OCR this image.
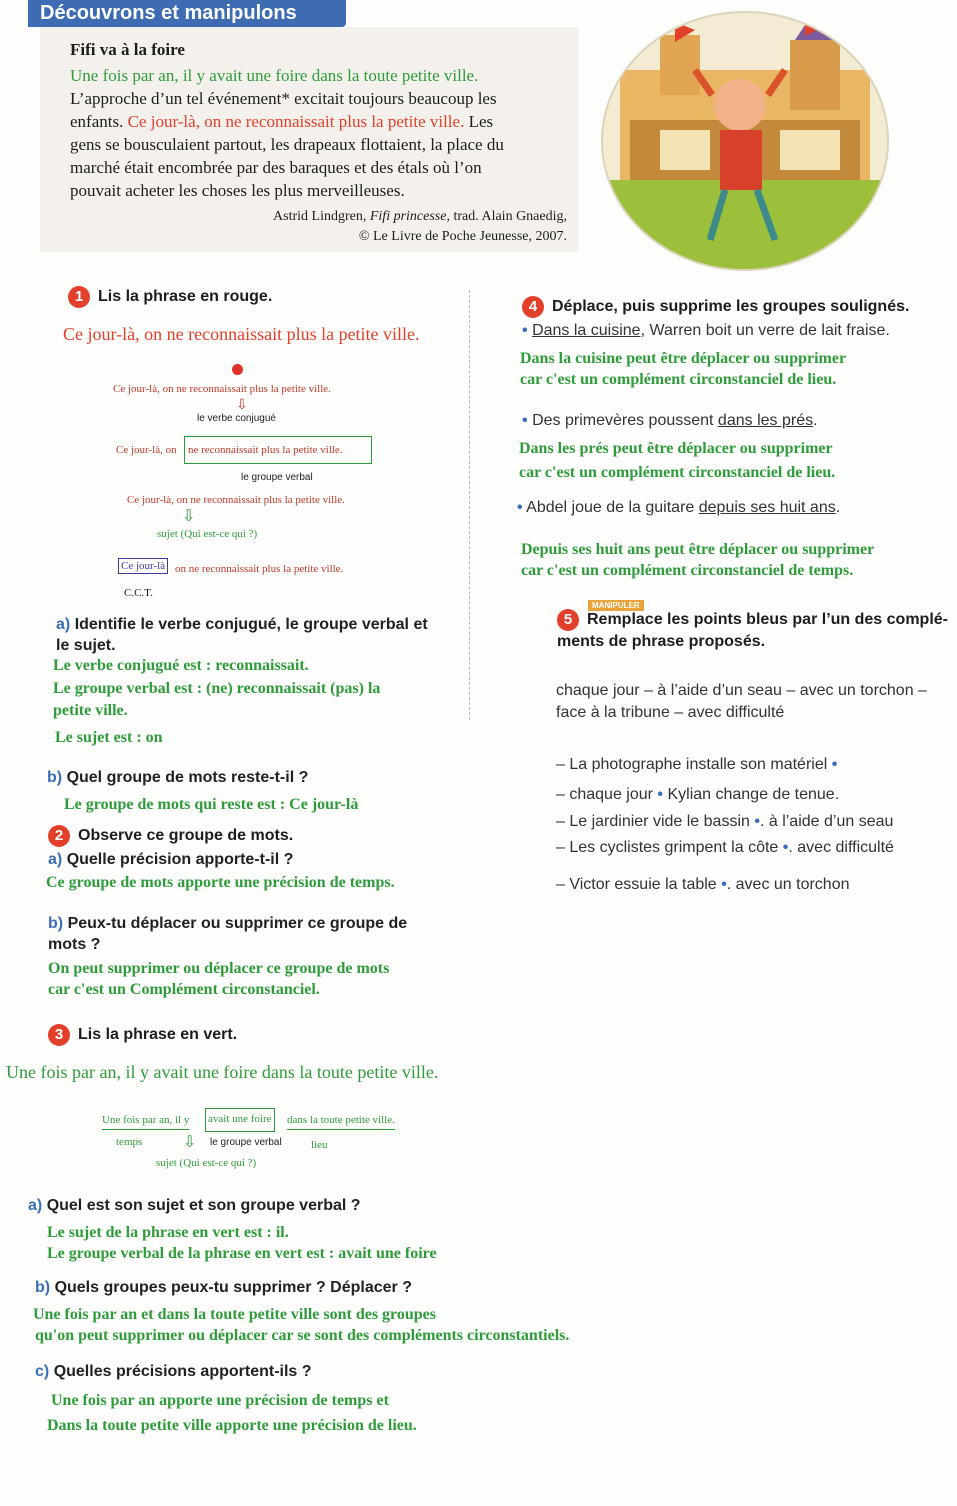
Découvrons et manipulons
Fifi va à la foire
Une fois par an, il y avait une foire dans la toute petite ville.
L’approche d’un tel événement* excitait toujours beaucoup les
enfants. Ce jour-là, on ne reconnaissait plus la petite ville. Les
gens se bousculaient partout, les drapeaux flottaient, la place du
marché était encombrée par des baraques et des étals où l’on
pouvait acheter les choses les plus merveilleuses.
Astrid Lindgren, Fifi princesse, trad. Alain Gnaedig,
© Le Livre de Poche Jeunesse, 2007.
1 Lis la phrase en rouge.
Ce jour-là, on ne reconnaissait plus la petite ville.
Ce jour-là, on ne reconnaissait plus la petite ville.
⇩
le verbe conjugué
Ce jour-là, on	ne reconnaissait plus la petite ville.
le groupe verbal
Ce jour-là, on ne reconnaissait plus la petite ville.
⇩
sujet (Qui est-ce qui ?)
Ce jour-là on ne reconnaissait plus la petite ville.
C.C.T.
a) Identifie le verbe conjugué, le groupe verbal et
le sujet.
Le verbe conjugué est : reconnaissait.
Le groupe verbal est : (ne) reconnaissait (pas) la
petite ville.
Le sujet est : on
b) Quel groupe de mots reste-t-il ?
Le groupe de mots qui reste est : Ce jour-là
2 Observe ce groupe de mots.
a) Quelle précision apporte-t-il ?
Ce groupe de mots apporte une précision de temps.
b) Peux-tu déplacer ou supprimer ce groupe de
mots ?
On peut supprimer ou déplacer ce groupe de mots
car c'est un Complément circonstanciel.
3 Lis la phrase en vert.
Une fois par an, il y avait une foire dans la toute petite ville.
Une fois par an, il y avait une foire dans la toute petite ville.
temps	⇩ le groupe verbal	lieu
sujet (Qui est-ce qui ?)
a) Quel est son sujet et son groupe verbal ?
Le sujet de la phrase en vert est : il.
Le groupe verbal de la phrase en vert est : avait une foire
b) Quels groupes peux-tu supprimer ? Déplacer ?
Une fois par an et dans la toute petite ville sont des groupes
qu'on peut supprimer ou déplacer car se sont des compléments circonstantiels.
c) Quelles précisions apportent-ils ?
Une fois par an apporte une précision de temps et
Dans la toute petite ville apporte une précision de lieu.
4 Déplace, puis supprime les groupes soulignés.
• Dans la cuisine, Warren boit un verre de lait fraise.
Dans la cuisine peut être déplacer ou supprimer
car c'est un complément circonstanciel de lieu.
• Des primevères poussent dans les prés.
Dans les prés peut être déplacer ou supprimer
car c'est un complément circonstanciel de lieu.
• Abdel joue de la guitare depuis ses huit ans.
Depuis ses huit ans peut être déplacer ou supprimer
car c'est un complément circonstanciel de temps.
MANIPULER
5 Remplace les points bleus par l’un des complé-
ments de phrase proposés.
chaque jour – à l’aide d’un seau – avec un torchon –
face à la tribune – avec difficulté
– La photographe installe son matériel •
– chaque jour • Kylian change de tenue.
– Le jardinier vide le bassin •. à l’aide d’un seau
– Les cyclistes grimpent la côte •. avec difficulté
– Victor essuie la table •. avec un torchon
